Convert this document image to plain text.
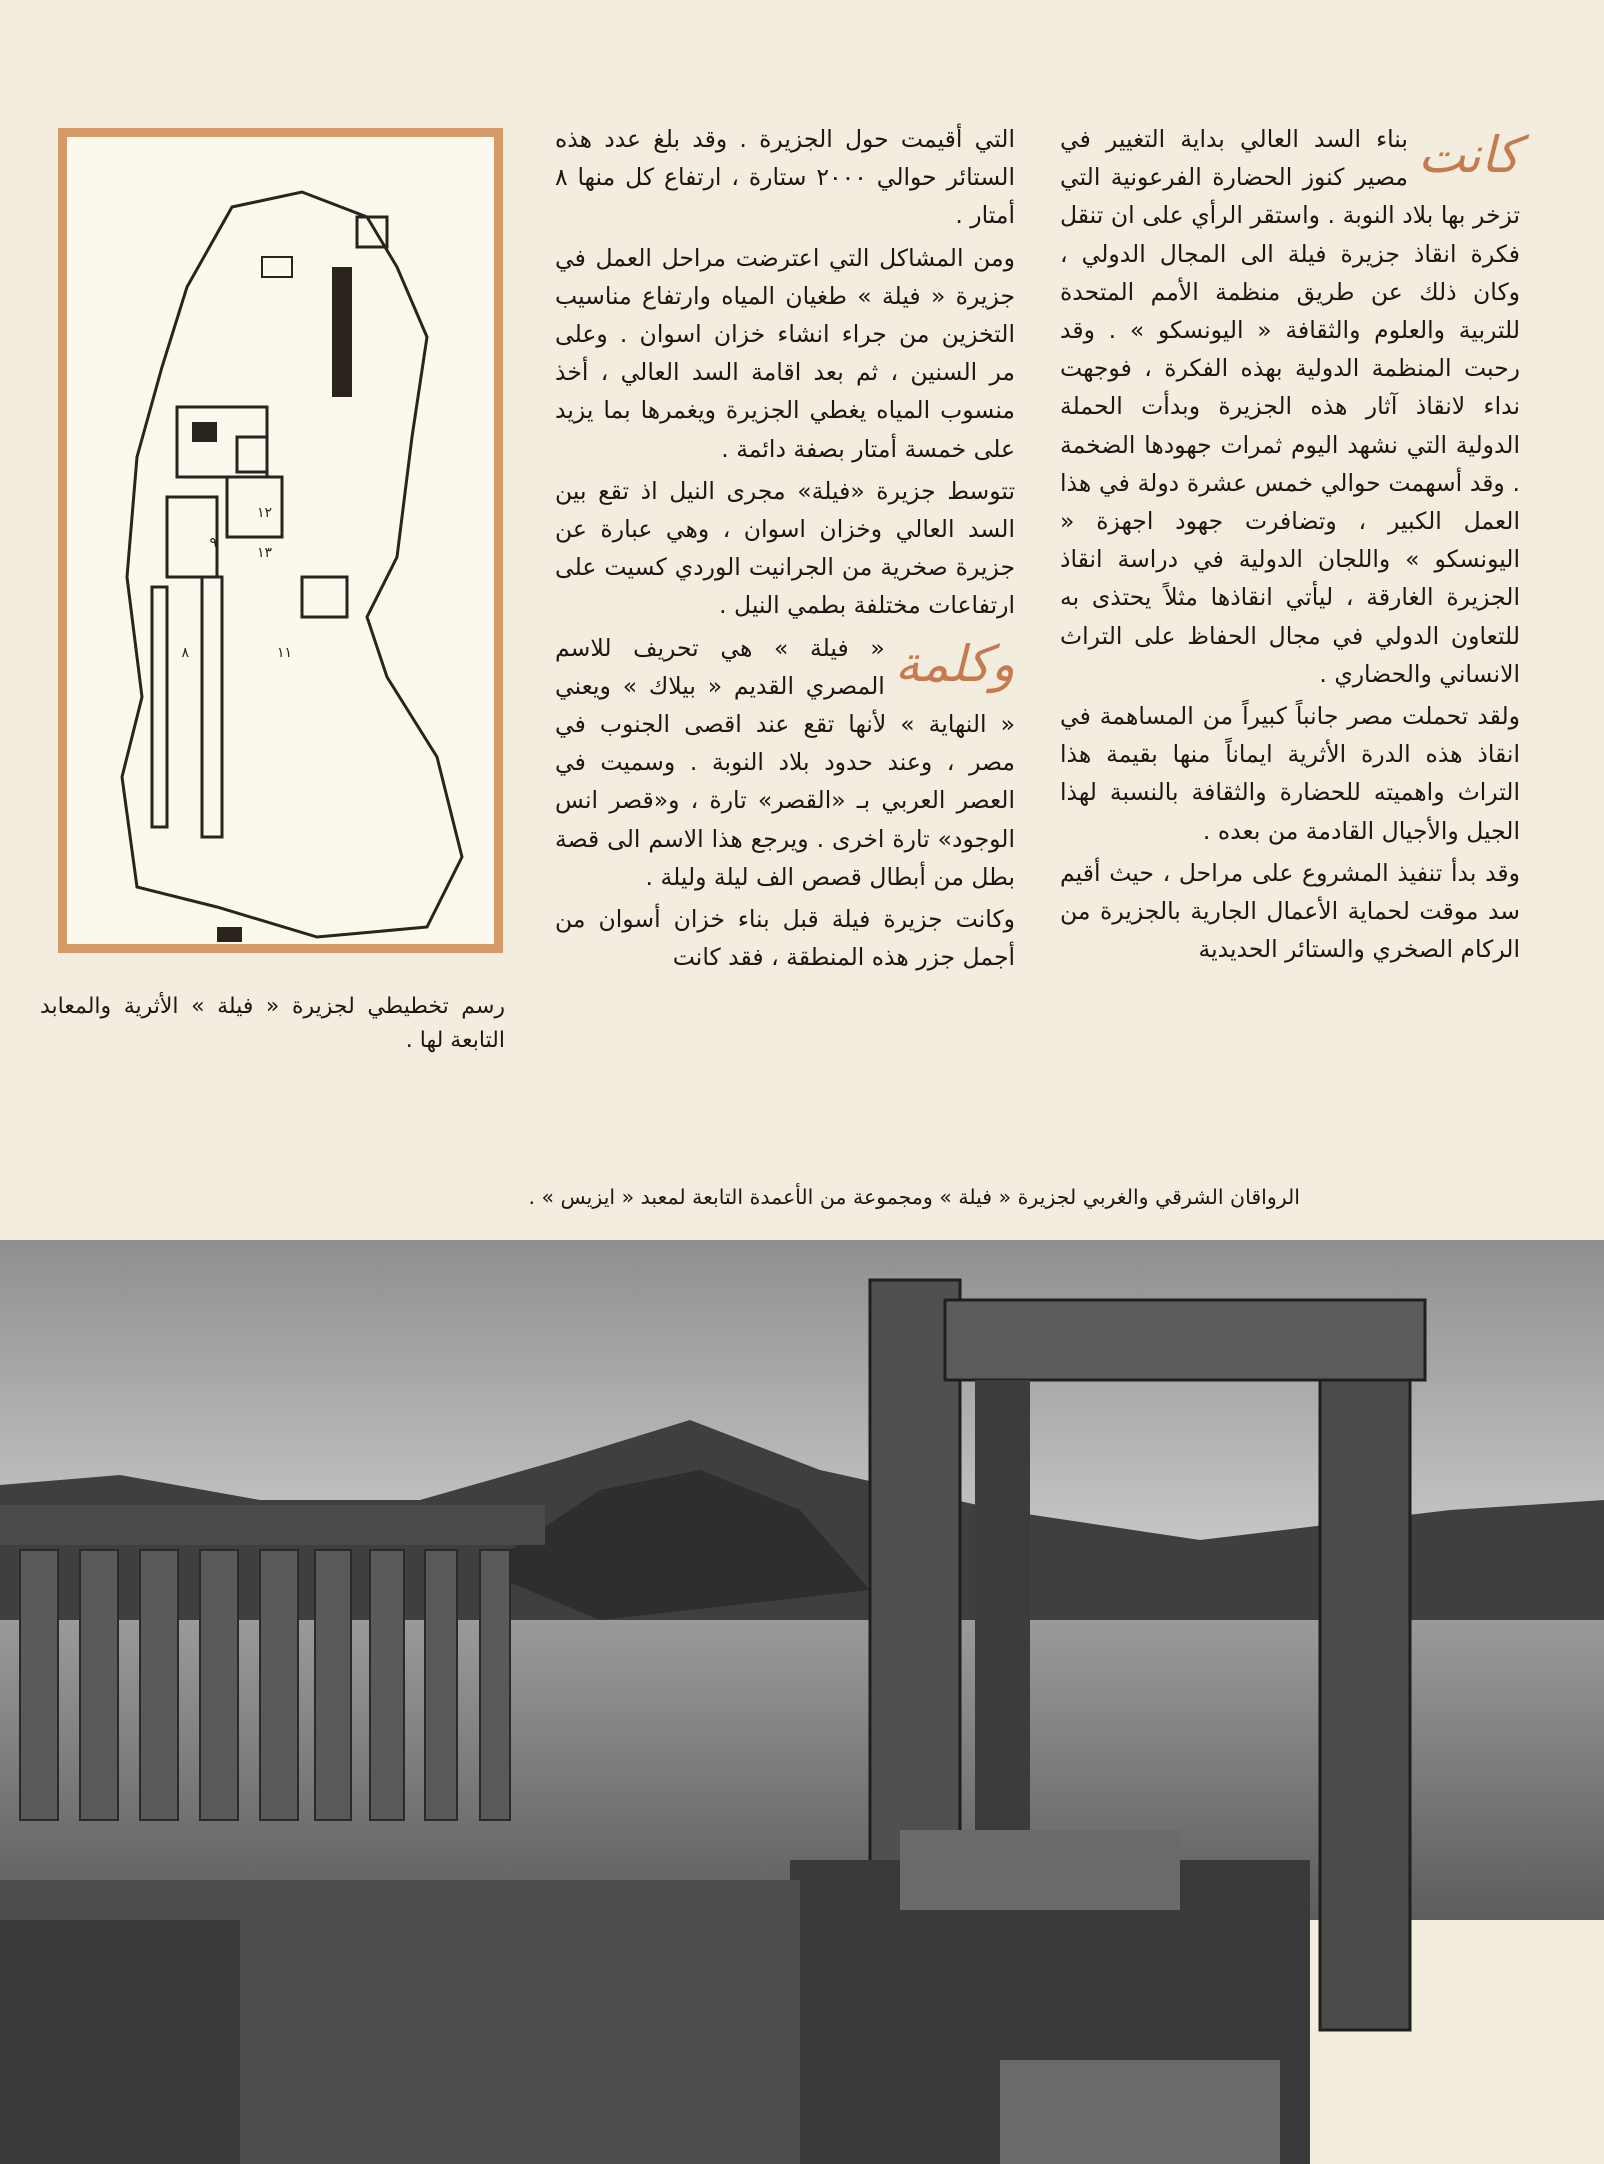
كانت

بناء السد العالي بداية التغيير في مصير كنوز الحضارة الفرعونية التي تزخر بها بلاد النوبة . واستقر الرأي على ان تنقل فكرة انقاذ جزيرة فيلة الى المجال الدولي ، وكان ذلك عن طريق منظمة الأمم المتحدة للتربية والعلوم والثقافة « اليونسكو » . وقد رحبت المنظمة الدولية بهذه الفكرة ، فوجهت نداء لانقاذ آثار هذه الجزيرة وبدأت الحملة الدولية التي نشهد اليوم ثمرات جهودها الضخمة . وقد أسهمت حوالي خمس عشرة دولة في هذا العمل الكبير ، وتضافرت جهود اجهزة « اليونسكو » واللجان الدولية في دراسة انقاذ الجزيرة الغارقة ، ليأتي انقاذها مثلاً يحتذى به للتعاون الدولي في مجال الحفاظ على التراث الانساني والحضاري .

ولقد تحملت مصر جانباً كبيراً من المساهمة في انقاذ هذه الدرة الأثرية ايماناً منها بقيمة هذا التراث واهميته للحضارة والثقافة بالنسبة لهذا الجيل والأجيال القادمة من بعده .

وقد بدأ تنفيذ المشروع على مراحل ، حيث أقيم سد موقت لحماية الأعمال الجارية بالجزيرة من الركام الصخري والستائر الحديدية

التي أقيمت حول الجزيرة . وقد بلغ عدد هذه الستائر حوالي ٢٠٠٠ ستارة ، ارتفاع كل منها ٨ أمتار .

ومن المشاكل التي اعترضت مراحل العمل في جزيرة « فيلة » طغيان المياه وارتفاع مناسيب التخزين من جراء انشاء خزان اسوان . وعلى مر السنين ، ثم بعد اقامة السد العالي ، أخذ منسوب المياه يغطي الجزيرة ويغمرها بما يزيد على خمسة أمتار بصفة دائمة .

تتوسط جزيرة «فيلة» مجرى النيل اذ تقع بين السد العالي وخزان اسوان ، وهي عبارة عن جزيرة صخرية من الجرانيت الوردي كسيت على ارتفاعات مختلفة بطمي النيل .

وكلمة

« فيلة » هي تحريف للاسم المصري القديم « بيلاك » ويعني « النهاية » لأنها تقع عند اقصى الجنوب في مصر ، وعند حدود بلاد النوبة . وسميت في العصر العربي بـ «القصر» تارة ، و«قصر انس الوجود» تارة اخرى . ويرجع هذا الاسم الى قصة بطل من أبطال قصص الف ليلة وليلة .

وكانت جزيرة فيلة قبل بناء خزان أسوان من أجمل جزر هذه المنطقة ، فقد كانت

١٢
٩
١١
٨
١٣
رسم تخطيطي لجزيرة « فيلة » الأثرية والمعابد التابعة لها .
الرواقان الشرقي والغربي لجزيرة « فيلة » ومجموعة من الأعمدة التابعة لمعبد « ايزيس » .
